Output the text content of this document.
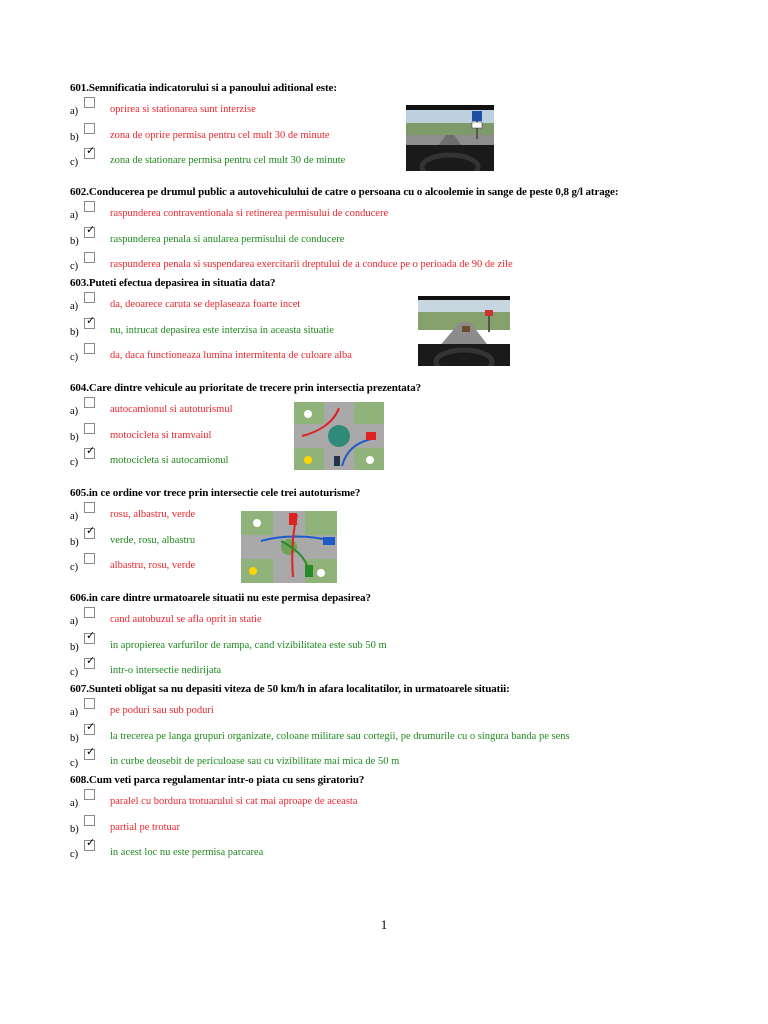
601.Semnificatia indicatorului si a panoului aditional este:
a)	oprirea si stationarea sunt interzise
b)	zona de oprire permisa pentru cel mult 30 de minute
c)
✓
zona de stationare permisa pentru cel mult 30 de minute
602.Conducerea pe drumul public a autovehiculului de catre o persoana cu o alcoolemie in sange de peste 0,8 g/l atrage:
a)	raspunderea contraventionala si retinerea permisului de conducere
b)
✓
raspunderea penala si anularea permisului de conducere
c)	raspunderea penala si suspendarea exercitarii dreptului de a conduce pe o perioada de 90 de zile
603.Puteti efectua depasirea in situatia data?
a)	da, deoarece caruta se deplaseaza foarte incet
b)
✓
nu, intrucat depasirea este interzisa in aceasta situatie
c)	da, daca functioneaza lumina intermitenta de culoare alba
604.Care dintre vehicule au prioritate de trecere prin intersectia prezentata?
a)	autocamionul si autoturismul
b)	motocicleta si tramvaiul
c)
✓
motocicleta si autocamionul
605.in ce ordine vor trece prin intersectie cele trei autoturisme?
a)	rosu, albastru, verde
b)
✓
verde, rosu, albastru
c)	albastru, rosu, verde
606.in care dintre urmatoarele situatii nu este permisa depasirea?
a)	cand autobuzul se afla oprit in statie
b)
✓
in apropierea varfurilor de rampa, cand vizibilitatea este sub 50 m
c)
✓
intr-o intersectie nedirijata
607.Sunteti obligat sa nu depasiti viteza de 50 km/h in afara localitatilor, in urmatoarele situatii:
a)	pe poduri sau sub poduri
b)
✓
la trecerea pe langa grupuri organizate, coloane militare sau cortegii, pe drumurile cu o singura banda pe sens
c)
✓
in curbe deosebit de periculoase sau cu vizibilitate mai mica de 50 m
608.Cum veti parca regulamentar intr-o piata cu sens giratoriu?
a)	paralel cu bordura trotuarului si cat mai aproape de aceasta
b)	partial pe trotuar
c)
✓
in acest loc nu este permisa parcarea
1
